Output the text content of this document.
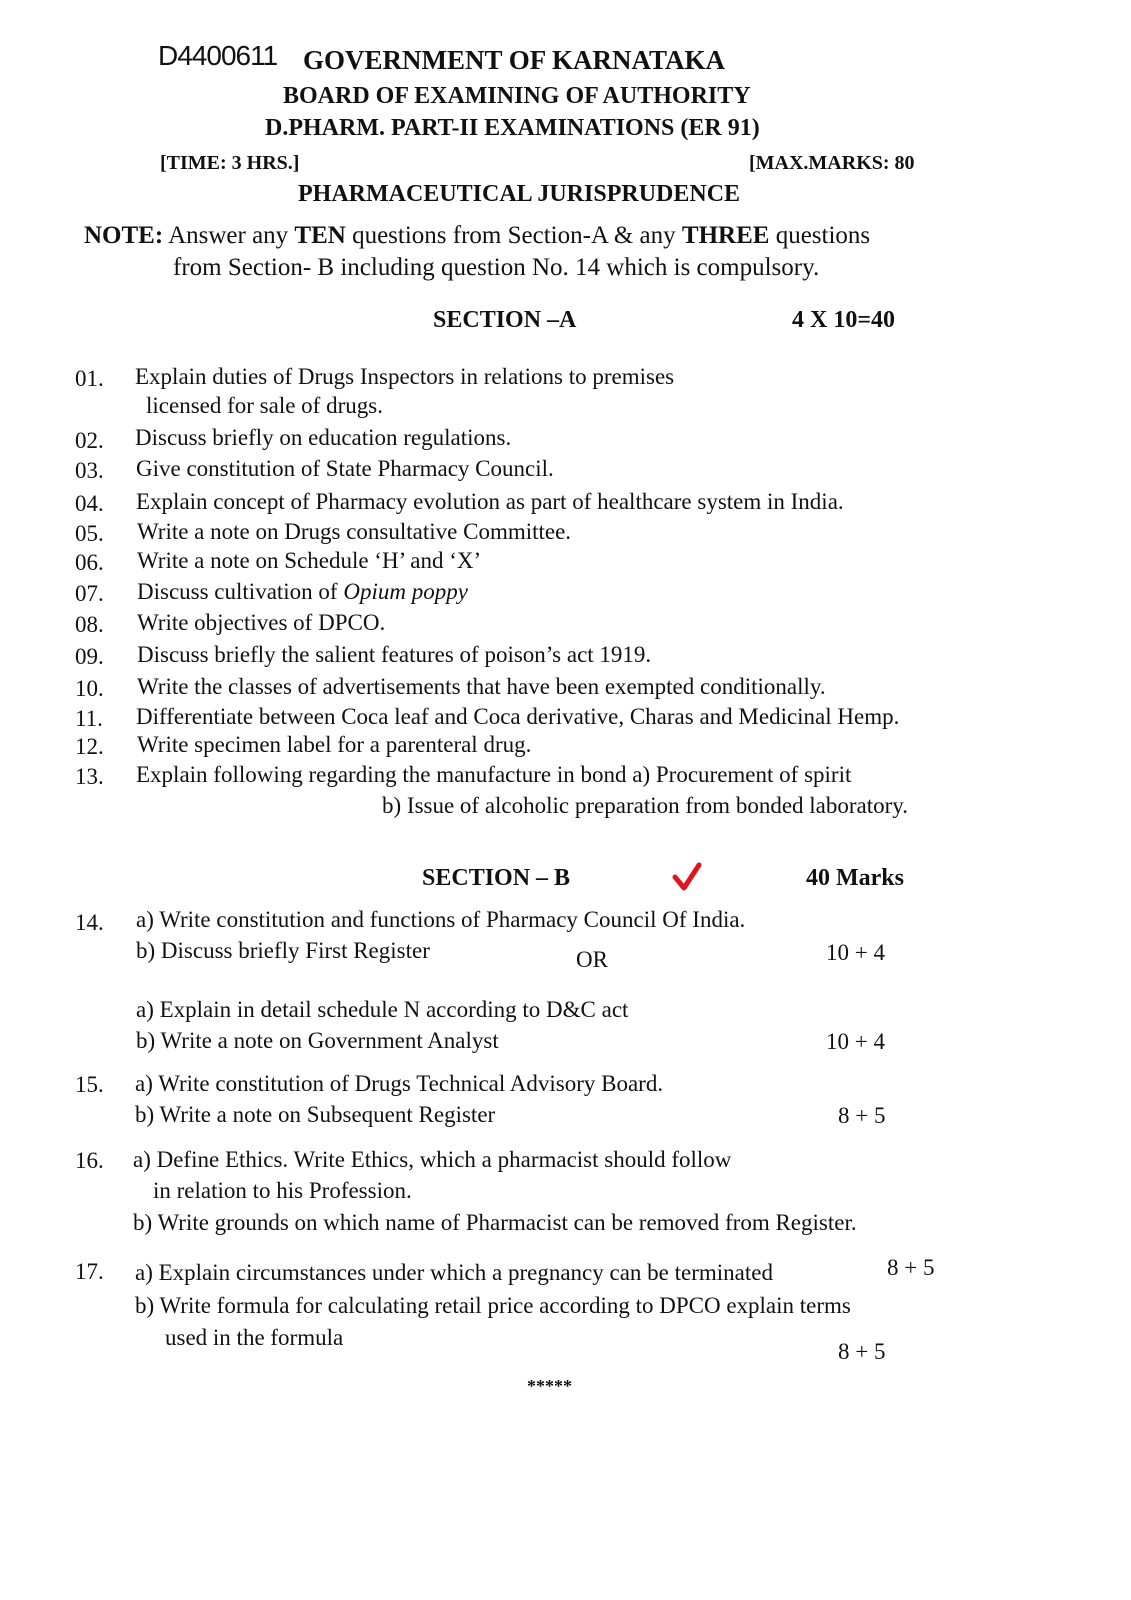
D4400611 GOVERNMENT OF KARNATAKA
BOARD OF EXAMINING OF AUTHORITY
D.PHARM. PART-II EXAMINATIONS (ER 91)
[TIME: 3 HRS.]	[MAX.MARKS: 80
PHARMACEUTICAL JURISPRUDENCE
NOTE: Answer any TEN questions from Section-A & any THREE questions
from Section- B including question No. 14 which is compulsory.
SECTION –A	4 X 10=40
01. Explain duties of Drugs Inspectors in relations to premises
licensed for sale of drugs.
02. Discuss briefly on education regulations.
03. Give constitution of State Pharmacy Council.
04. Explain concept of Pharmacy evolution as part of healthcare system in India.
05. Write a note on Drugs consultative Committee.
06. Write a note on Schedule ‘H’ and ‘X’
07. Discuss cultivation of Opium poppy
08. Write objectives of DPCO.
09. Discuss briefly the salient features of poison’s act 1919.
10. Write the classes of advertisements that have been exempted conditionally.
11. Differentiate between Coca leaf and Coca derivative, Charas and Medicinal Hemp.
12. Write specimen label for a parenteral drug.
13. Explain following regarding the manufacture in bond a) Procurement of spirit
b) Issue of alcoholic preparation from bonded laboratory.
SECTION – B	40 Marks
14. a) Write constitution and functions of Pharmacy Council Of India.
b) Discuss briefly First Register	OR	10 + 4
a) Explain in detail schedule N according to D&C act
b) Write a note on Government Analyst	10 + 4
15. a) Write constitution of Drugs Technical Advisory Board.
b) Write a note on Subsequent Register	8 + 5
16. a) Define Ethics. Write Ethics, which a pharmacist should follow
in relation to his Profession.
b) Write grounds on which name of Pharmacist can be removed from Register.
17. a) Explain circumstances under which a pregnancy can be terminated	8 + 5
b) Write formula for calculating retail price according to DPCO explain terms
used in the formula
8 + 5
*****
